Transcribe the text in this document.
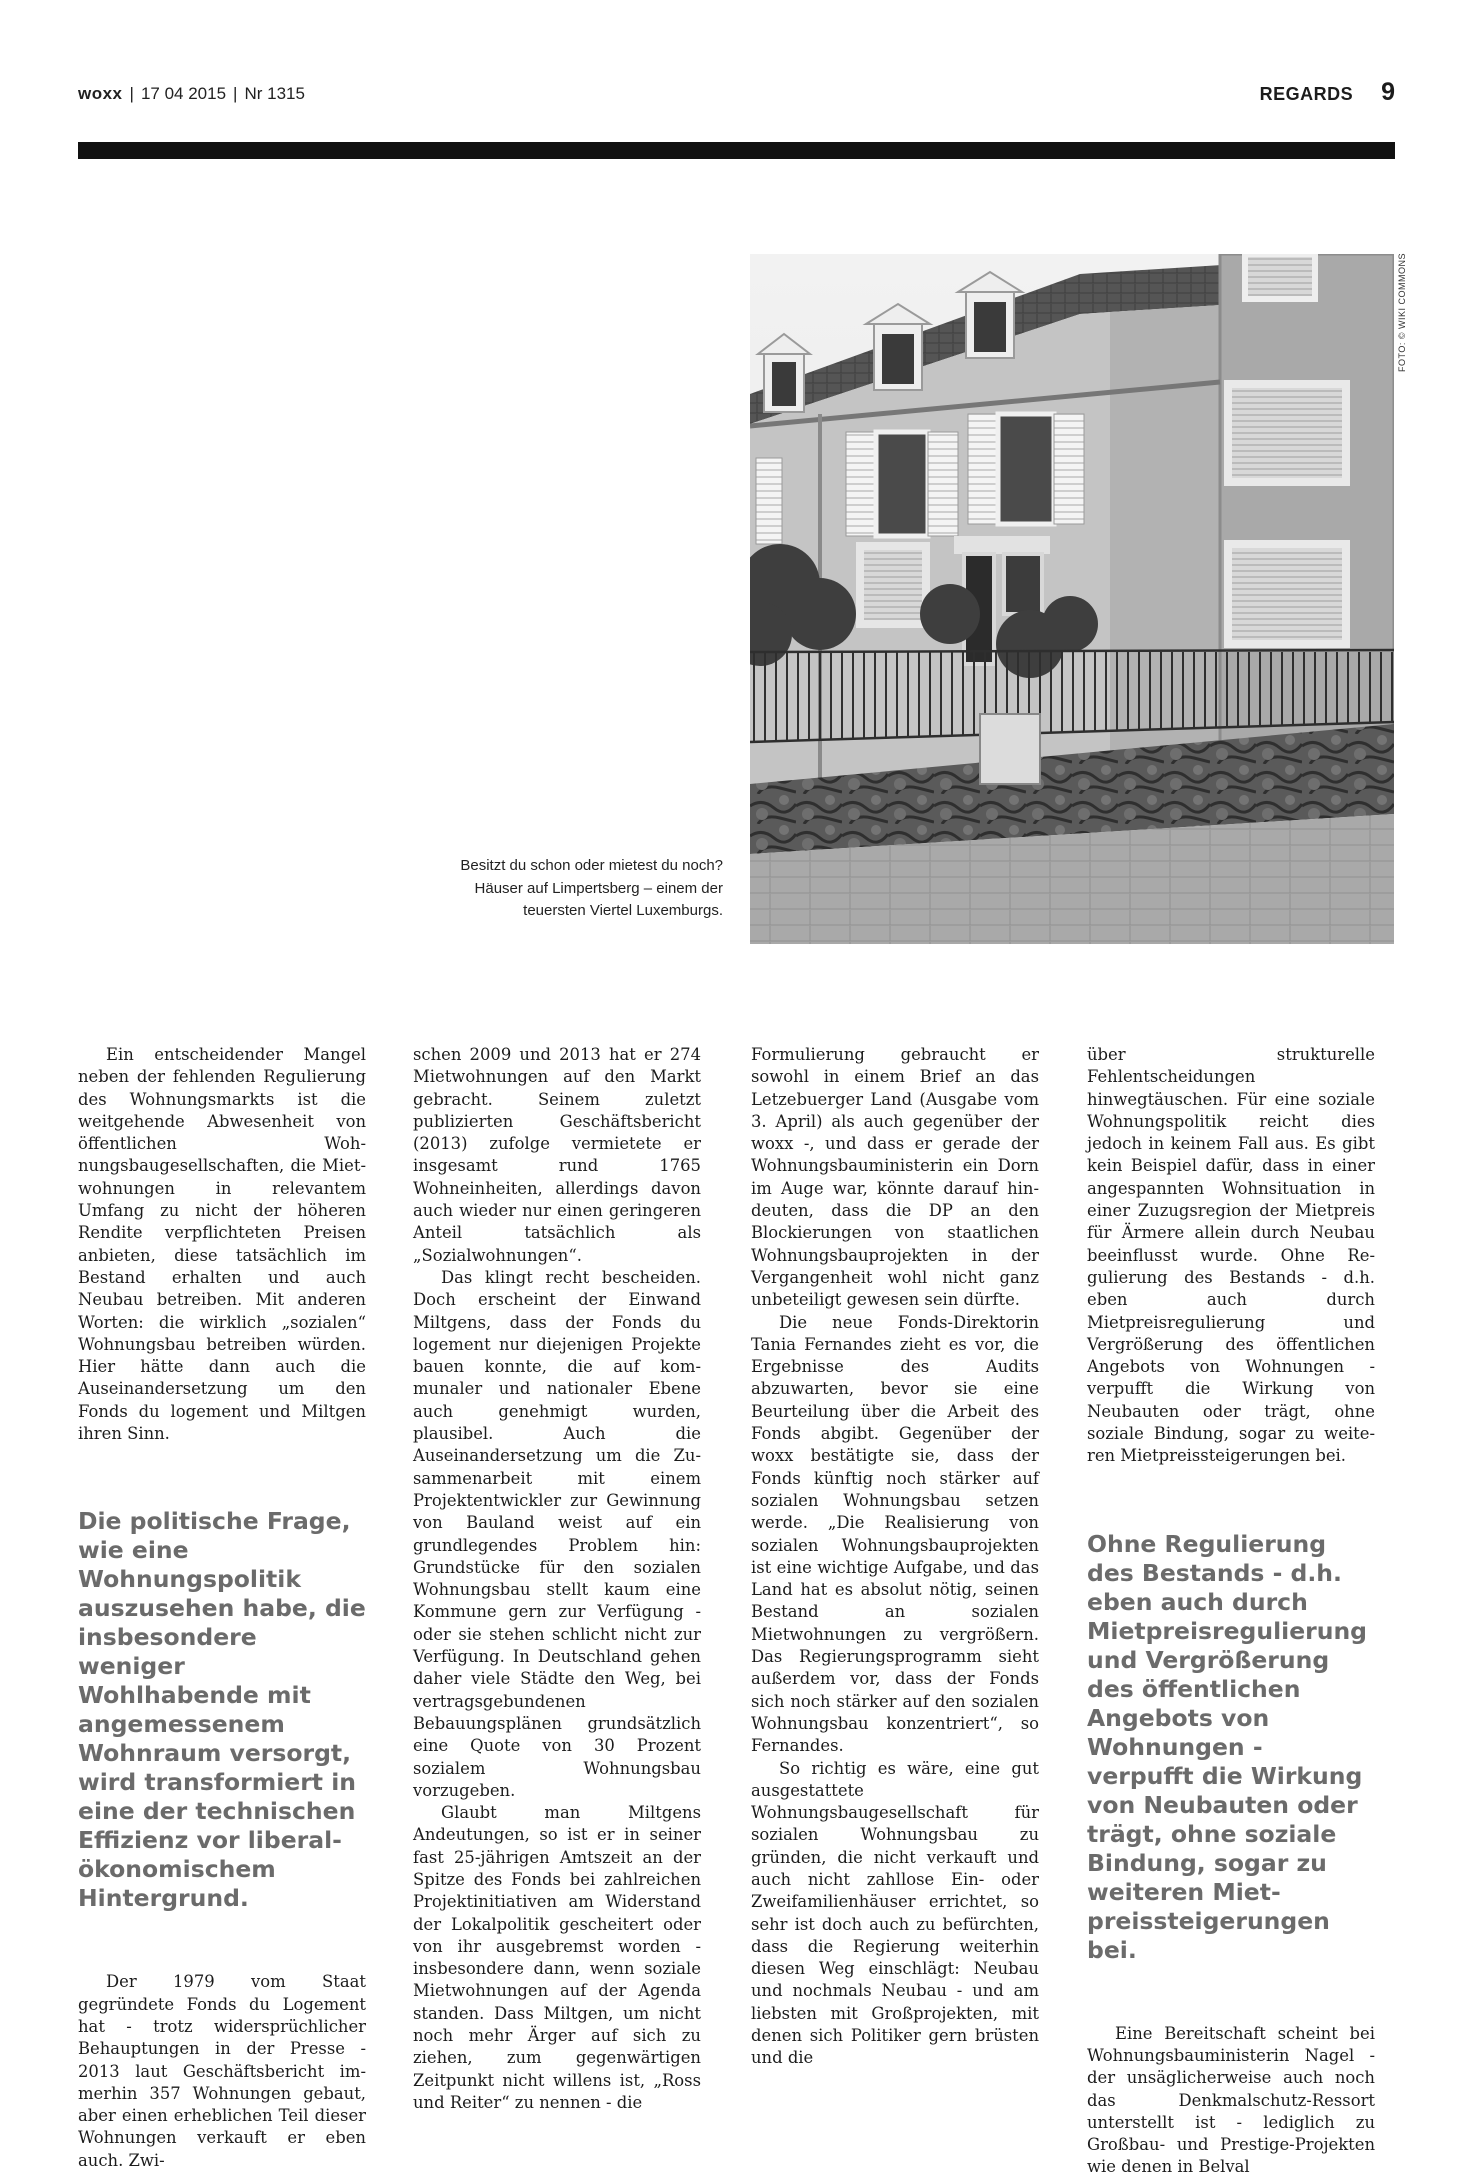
woxx | 17 04 2015 | Nr 1315	REGARDS 9
FOTO: © WIKI COMMONS
Besitzt du schon oder mietest du noch? Häuser auf Limpertsberg – einem der teuersten Viertel Luxemburgs.

Ein entscheidender Mangel neben der fehlenden Regulierung des Wohnungsmarkts ist die weitgehende Abwesenheit von öffentlichen Wohnungsbaugesellschaften, die Mietwohnungen in relevantem Umfang zu nicht der höheren Rendite verpflichteten Preisen anbieten, diese tatsächlich im Bestand erhalten und auch Neubau betreiben. Mit anderen Worten: die wirklich „sozialen“ Wohnungsbau betreiben würden. Hier hätte dann auch die Auseinandersetzung um den Fonds du logement und Miltgen ihren Sinn.

Die politische Frage, wie eine Wohnungspolitik auszusehen habe, die insbesondere weniger Wohlhabende mit angemessenem Wohnraum versorgt, wird transformiert in eine der technischen Effizienz vor liberal-ökonomischem Hintergrund.

Der 1979 vom Staat gegründete Fonds du Logement hat - trotz widersprüchlicher Behauptungen in der Presse - 2013 laut Geschäftsbericht immerhin 357 Wohnungen gebaut, aber einen erheblichen Teil dieser Wohnungen verkauft er eben auch. Zwi-

schen 2009 und 2013 hat er 274 Mietwohnungen auf den Markt gebracht. Seinem zuletzt publizierten Geschäftsbericht (2013) zufolge vermietete er insgesamt rund 1765 Wohneinheiten, allerdings davon auch wieder nur einen geringeren Anteil tatsächlich als „Sozialwohnungen“.

Das klingt recht bescheiden. Doch erscheint der Einwand Miltgens, dass der Fonds du logement nur diejenigen Projekte bauen konnte, die auf kommunaler und nationaler Ebene auch genehmigt wurden, plausibel. Auch die Auseinandersetzung um die Zusammenarbeit mit einem Projektentwickler zur Gewinnung von Bauland weist auf ein grundlegendes Problem hin: Grundstücke für den sozialen Wohnungsbau stellt kaum eine Kommune gern zur Verfügung - oder sie stehen schlicht nicht zur Verfügung. In Deutschland gehen daher viele Städte den Weg, bei vertragsgebundenen Bebauungsplänen grundsätzlich eine Quote von 30 Prozent sozialem Wohnungsbau vorzugeben.

Glaubt man Miltgens Andeutungen, so ist er in seiner fast 25-jährigen Amtszeit an der Spitze des Fonds bei zahlreichen Projektinitiativen am Widerstand der Lokalpolitik gescheitert oder von ihr ausgebremst worden - insbesondere dann, wenn soziale Mietwohnungen auf der Agenda standen. Dass Miltgen, um nicht noch mehr Ärger auf sich zu ziehen, zum gegenwärtigen Zeitpunkt nicht willens ist, „Ross und Reiter“ zu nennen - die

Formulierung gebraucht er sowohl in einem Brief an das Letzebuerger Land (Ausgabe vom 3. April) als auch gegenüber der woxx -, und dass er gerade der Wohnungsbauministerin ein Dorn im Auge war, könnte darauf hindeuten, dass die DP an den Blockierungen von staatlichen Wohnungsbauprojekten in der Vergangenheit wohl nicht ganz unbeteiligt gewesen sein dürfte.

Die neue Fonds-Direktorin Tania Fernandes zieht es vor, die Ergebnisse des Audits abzuwarten, bevor sie eine Beurteilung über die Arbeit des Fonds abgibt. Gegenüber der woxx bestätigte sie, dass der Fonds künftig noch stärker auf sozialen Wohnungsbau setzen werde. „Die Realisierung von sozialen Wohnungsbauprojekten ist eine wichtige Aufgabe, und das Land hat es absolut nötig, seinen Bestand an sozialen Mietwohnungen zu vergrößern. Das Regierungsprogramm sieht außerdem vor, dass der Fonds sich noch stärker auf den sozialen Wohnungsbau konzentriert“, so Fernandes.

So richtig es wäre, eine gut ausgestattete Wohnungsbaugesellschaft für sozialen Wohnungsbau zu gründen, die nicht verkauft und auch nicht zahllose Ein- oder Zweifamilienhäuser errichtet, so sehr ist doch auch zu befürchten, dass die Regierung weiterhin diesen Weg einschlägt: Neubau und nochmals Neubau - und am liebsten mit Großprojekten, mit denen sich Politiker gern brüsten und die

über strukturelle Fehlentscheidungen hinwegtäuschen. Für eine soziale Wohnungspolitik reicht dies jedoch in keinem Fall aus. Es gibt kein Beispiel dafür, dass in einer angespannten Wohnsituation in einer Zuzugsregion der Mietpreis für Ärmere allein durch Neubau beeinflusst wurde. Ohne Regulierung des Bestands - d.h. eben auch durch Mietpreisregulierung und Vergrößerung des öffentlichen Angebots von Wohnungen - verpufft die Wirkung von Neubauten oder trägt, ohne soziale Bindung, sogar zu weiteren Mietpreissteigerungen bei.

Ohne Regulierung des Bestands - d.h. eben auch durch Mietpreisregulierung und Vergrößerung des öffentlichen Angebots von Wohnungen - verpufft die Wirkung von Neubauten oder trägt, ohne soziale Bindung, sogar zu weiteren Mietpreissteigerungen bei.

Eine Bereitschaft scheint bei Wohnungsbauministerin Nagel - der unsäglicherweise auch noch das Denkmalschutz-Ressort unterstellt ist - lediglich zu Großbau- und Prestige-Projekten wie denen in Belval
